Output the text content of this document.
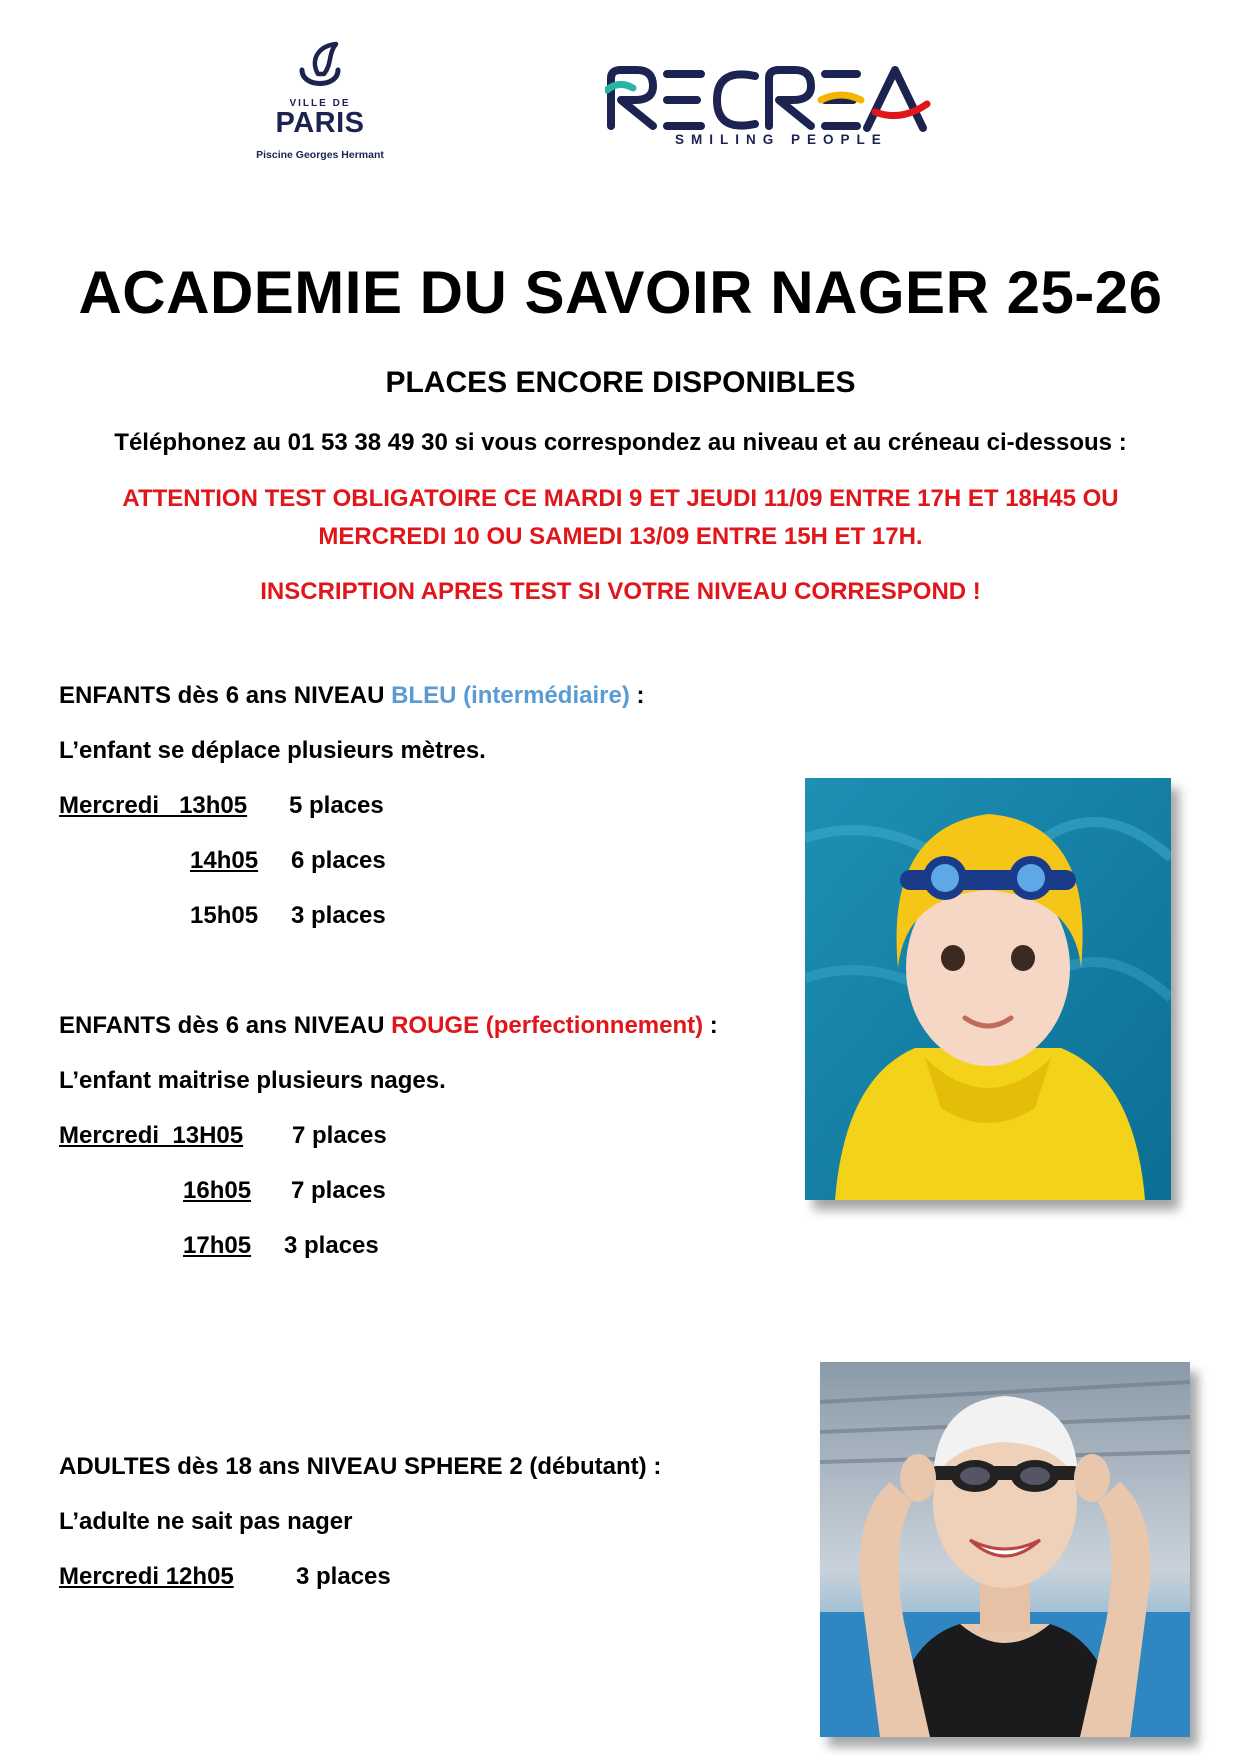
VILLE DE
PARIS
Piscine Georges Hermant
SMILING PEOPLE
ACADEMIE DU SAVOIR NAGER 25-26
PLACES ENCORE DISPONIBLES
Téléphonez au 01 53 38 49 30 si vous correspondez au niveau et au créneau ci-dessous :
ATTENTION TEST OBLIGATOIRE CE MARDI 9 ET JEUDI 11/09 ENTRE 17H ET 18H45 OU
MERCREDI 10 OU SAMEDI 13/09 ENTRE 15H ET 17H.
INSCRIPTION APRES TEST SI VOTRE NIVEAU CORRESPOND !
ENFANTS dès 6 ans NIVEAU BLEU (intermédiaire) :
L’enfant se déplace plusieurs mètres.
Mercredi 13h05 5 places
14h05 6 places
15h05 3 places
ENFANTS dès 6 ans NIVEAU ROUGE (perfectionnement) :
L’enfant maitrise plusieurs nages.
Mercredi 13H05 7 places
16h05 7 places
17h05 3 places
ADULTES dès 18 ans NIVEAU SPHERE 2 (débutant) :
L’adulte ne sait pas nager
Mercredi 12h05	3 places
